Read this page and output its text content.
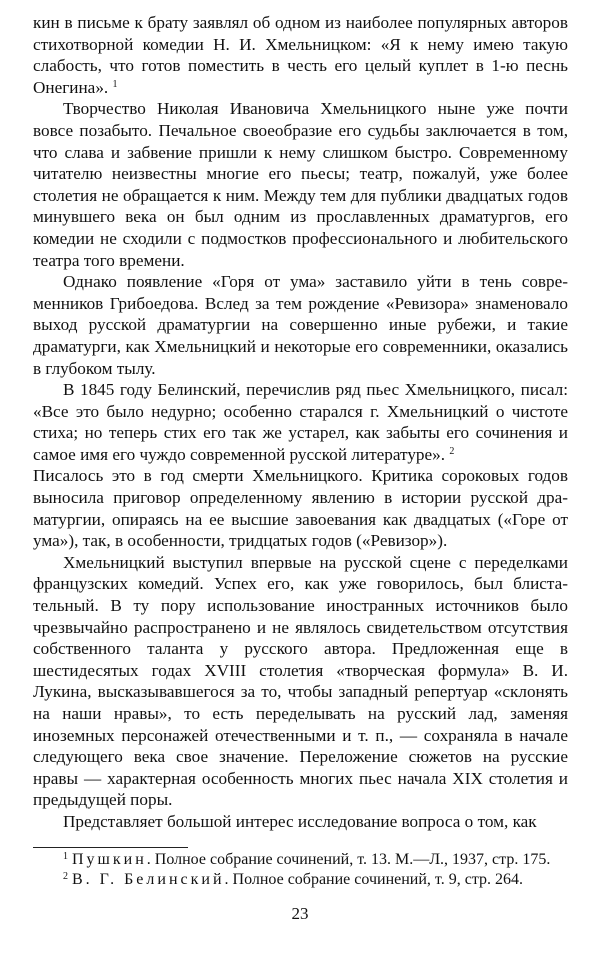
кин в письме к брату заявлял об одном из наиболее популярных авторов стихотворной комедии Н. И. Хмельницком: «Я к нему имею такую слабость, что готов поместить в честь его целый куплет в 1-ю песнь Онегина». $^1$

Творчество Николая Ивановича Хмельницкого ныне уже почти вовсе позабыто. Печальное своеобразие его судьбы заключается в том, что слава и забвение пришли к нему слишком быстро. Современному читателю неизвестны многие его пьесы; театр, пожалуй, уже более столетия не обращается к ним. Между тем для публики двадцатых годов минувшего века он был одним из прославленных драматургов, его комедии не сходили с подмостков профессионального и любительского театра того времени.

Однако появление «Горя от ума» заставило уйти в тень современников Грибоедова. Вслед за тем рождение «Ревизора» знаменовало выход русской драматургии на совершенно иные рубежи, и такие драматурги, как Хмельницкий и некоторые его современники, оказались в глубоком тылу.

В 1845 году Белинский, перечислив ряд пьес Хмельницкого, писал: «Все это было недурно; особенно старался г. Хмельницкий о чистоте стиха; но теперь стих его так же устарел, как забыты его сочинения и самое имя его чуждо современной русской литературе». $^2$

Писалось это в год смерти Хмельницкого. Критика сороковых годов выносила приговор определенному явлению в истории русской драматургии, опираясь на ее высшие завоевания как двадцатых («Горе от ума»), так, в особенности, тридцатых годов («Ревизор»).

Хмельницкий выступил впервые на русской сцене с переделками французских комедий. Успех его, как уже говорилось, был блистательный. В ту пору использование иностранных источников было чрезвычайно распространено и не являлось свидетельством отсутствия собственного таланта у русского автора. Предложенная еще в шестидесятых годах XVIII столетия «творческая формула» В. И. Лукина, высказывавшегося за то, чтобы западный репертуар «склонять на наши нравы», то есть переделывать на русский лад, заменяя иноземных персонажей отечественными и т. п., — сохраняла в начале следующего века свое значение. Переложение сюжетов на русские нравы — характерная особенность многих пьес начала XIX столетия и предыдущей поры.

Представляет большой интерес исследование вопроса о том, как

$^1$ Пушкин. Полное собрание сочинений, т. 13. М.—Л., 1937, стр. 175.

$^2$ В. Г. Белинский. Полное собрание сочинений, т. 9, стр. 264.

23
